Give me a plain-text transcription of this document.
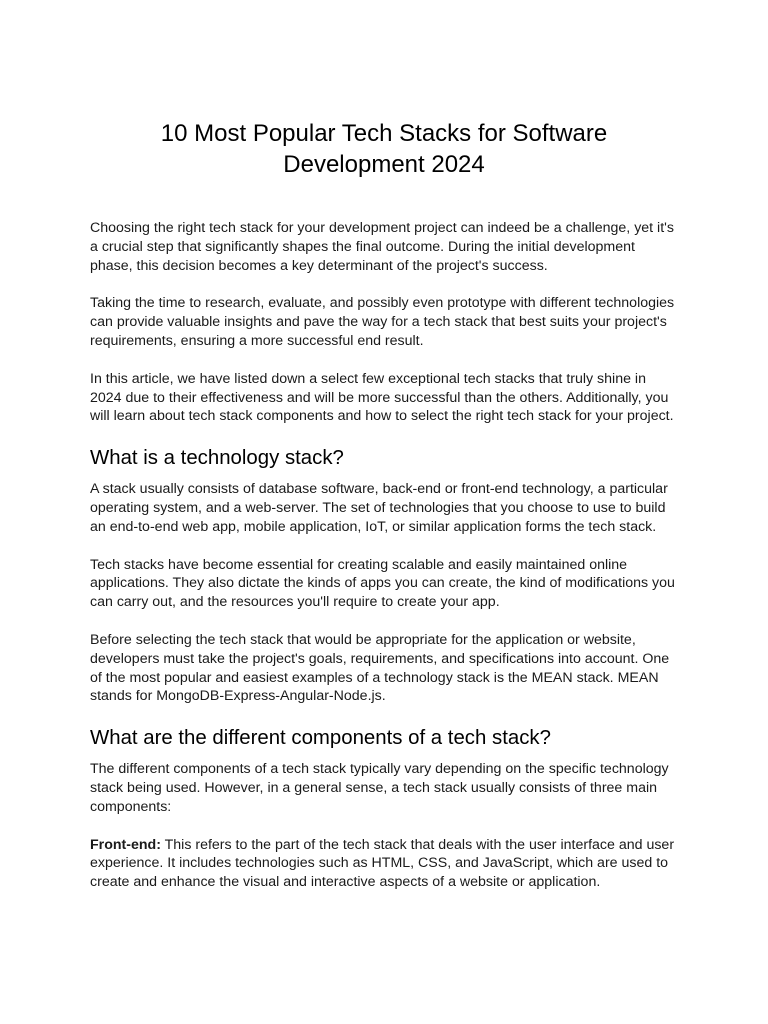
10 Most Popular Tech Stacks for Software
Development 2024

Choosing the right tech stack for your development project can indeed be a challenge, yet it's a crucial step that significantly shapes the final outcome. During the initial development phase, this decision becomes a key determinant of the project's success.

Taking the time to research, evaluate, and possibly even prototype with different technologies can provide valuable insights and pave the way for a tech stack that best suits your project's requirements, ensuring a more successful end result.

In this article, we have listed down a select few exceptional tech stacks that truly shine in 2024 due to their effectiveness and will be more successful than the others. Additionally, you will learn about tech stack components and how to select the right tech stack for your project.

What is a technology stack?

A stack usually consists of database software, back-end or front-end technology, a particular operating system, and a web-server. The set of technologies that you choose to use to build an end-to-end web app, mobile application, IoT, or similar application forms the tech stack.

Tech stacks have become essential for creating scalable and easily maintained online applications. They also dictate the kinds of apps you can create, the kind of modifications you can carry out, and the resources you'll require to create your app.

Before selecting the tech stack that would be appropriate for the application or website, developers must take the project's goals, requirements, and specifications into account. One of the most popular and easiest examples of a technology stack is the MEAN stack. MEAN stands for MongoDB-Express-Angular-Node.js.

What are the different components of a tech stack?

The different components of a tech stack typically vary depending on the specific technology stack being used. However, in a general sense, a tech stack usually consists of three main components:

Front-end: This refers to the part of the tech stack that deals with the user interface and user experience. It includes technologies such as HTML, CSS, and JavaScript, which are used to create and enhance the visual and interactive aspects of a website or application.
